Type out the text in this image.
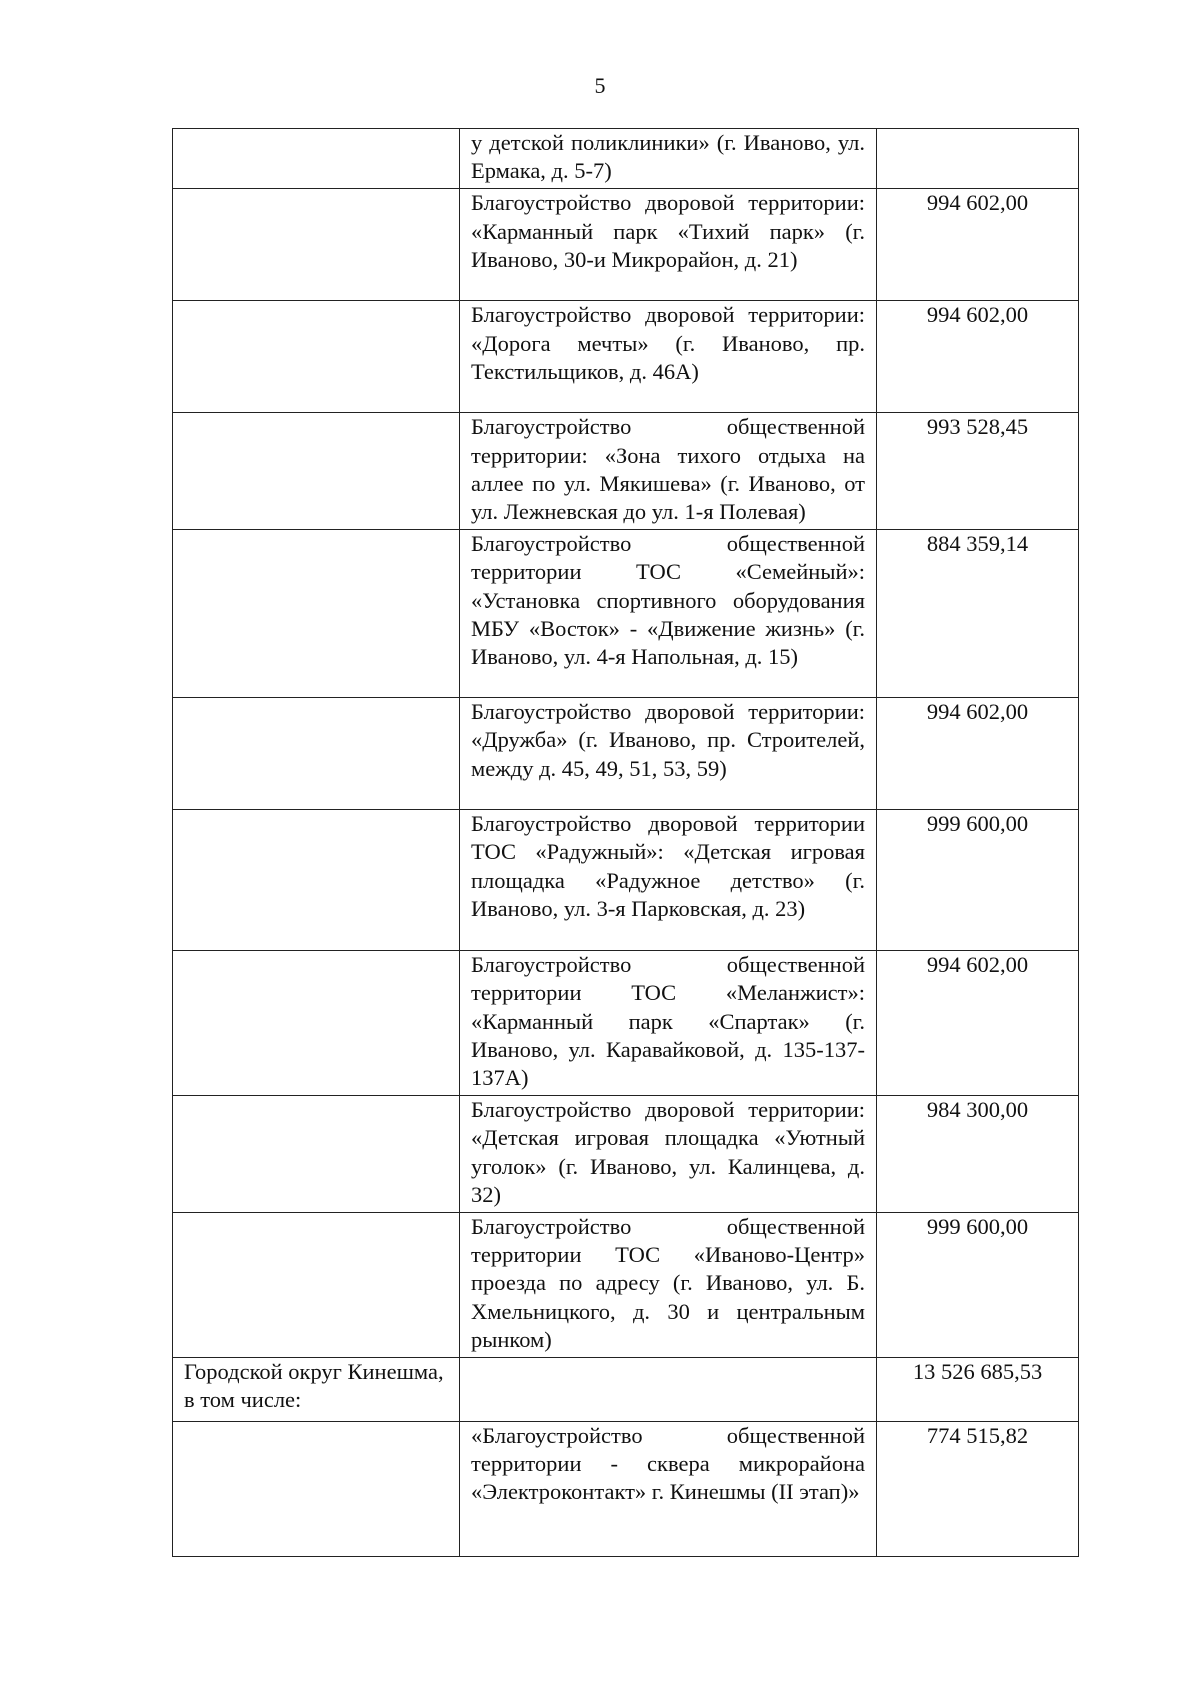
5

	у детской поликлиники» (г. Иваново, ул. Ермака, д. 5-7)	

	Благоустройство дворовой территории: «Карманный парк «Тихий парк» (г. Иваново, 30-и Микрорайон, д. 21)	994 602,00

	Благоустройство дворовой территории: «Дорога мечты» (г. Иваново, пр. Текстильщиков, д. 46А)	994 602,00

	Благоустройство общественной территории: «Зона тихого отдыха на аллее по ул. Мякишева» (г. Иваново, от ул. Лежневская до ул. 1-я Полевая)	993 528,45

	Благоустройство общественной территории ТОС «Семейный»: «Установка спортивного оборудования МБУ «Восток» - «Движение жизнь» (г. Иваново, ул. 4-я Напольная, д. 15)	884 359,14

	Благоустройство дворовой территории: «Дружба» (г. Иваново, пр. Строителей, между д. 45, 49, 51, 53, 59)	994 602,00

	Благоустройство дворовой территории ТОС «Радужный»: «Детская игровая площадка «Радужное детство» (г. Иваново, ул. 3-я Парковская, д. 23)	999 600,00

	Благоустройство общественной территории ТОС «Меланжист»: «Карманный парк «Спартак» (г. Иваново, ул. Каравайковой, д. 135-137-137А)	994 602,00

	Благоустройство дворовой территории: «Детская игровая площадка «Уютный уголок» (г. Иваново, ул. Калинцева, д. 32)	984 300,00

	Благоустройство общественной территории ТОС «Иваново-Центр» проезда по адресу (г. Иваново, ул. Б. Хмельницкого, д. 30 и центральным рынком)	999 600,00

Городской округ Кинешма, в том числе:		13 526 685,53

	«Благоустройство общественной территории - сквера микрорайона «Электроконтакт» г. Кинешмы (II этап)»	774 515,82
